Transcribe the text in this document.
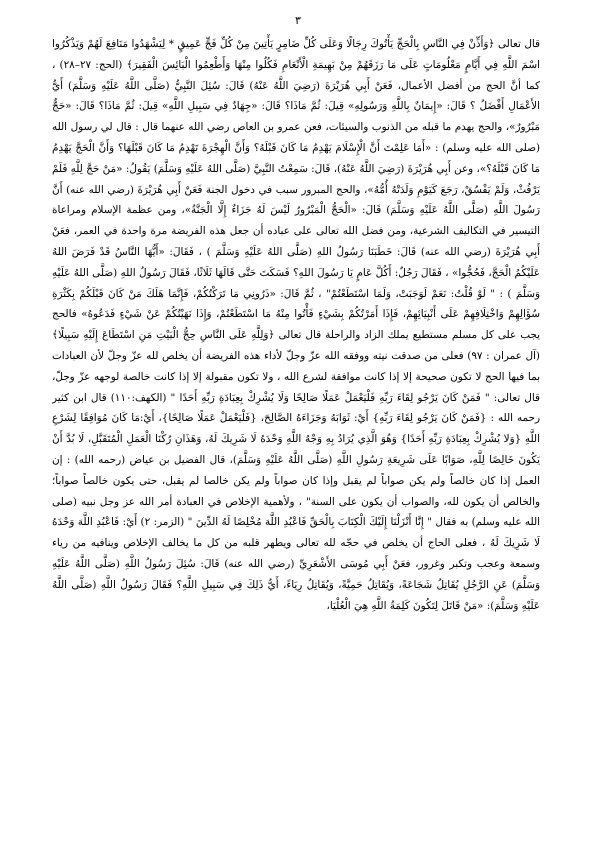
٣

قال تعالى ﴿وَأَذِّنْ فِي النَّاسِ بِالْحَجِّ يَأْتُوكَ رِجَالًا وَعَلَى كُلِّ ضَامِرٍ يَأْتِينَ مِنْ كُلِّ فَجٍّ عَمِيقٍ * لِيَشْهَدُوا مَنَافِعَ لَهُمْ وَيَذْكُرُوا اسْمَ اللَّهِ فِي أَيَّامٍ مَعْلُومَاتٍ عَلَى مَا رَزَقَهُمْ مِنْ بَهِيمَةِ الْأَنْعَامِ فَكُلُوا مِنْهَا وَأَطْعِمُوا الْبَائِسَ الْفَقِيرَ﴾ (الحج: ٢٧–٢٨) ، كما أنَّ الحج من أفضل الأعمال، فَعَنْ أَبِي هُرَيْرَةَ (رَضِيَ اللَّهُ عَنْهُ) قَالَ: سُئِلَ النَّبِيُّ (صَلَّى اللَّهُ عَلَيْهِ وَسَلَّمَ) أَيُّ الأَعْمَالِ أَفْضَلُ ؟ قَالَ: «إِيمَانٌ بِاللَّهِ وَرَسُولِهِ» قِيلَ: ثُمَّ مَاذَا؟ قَالَ: «جِهَادٌ فِي سَبِيلِ اللَّهِ» قِيلَ: ثُمَّ مَاذَا؟ قَالَ: «حَجٌّ مَبْرُورٌ»، والحج يهدم ما قبله من الذنوب والسيئات، فعن عمرو بن العاص رضي الله عنهما قال : قال لي رسول الله (صلى الله عليه وسلم) : «أَمَا عَلِمْتَ أَنَّ الْإِسْلَامَ يَهْدِمُ مَا كَانَ قَبْلَهُ؟ وَأَنَّ الْهِجْرَةَ تَهْدِمُ مَا كَانَ قَبْلَهَا؟ وَأَنَّ الْحَجَّ يَهْدِمُ مَا كَانَ قَبْلَهُ؟»، وعن أَبِي هُرَيْرَةَ (رَضِيَ اللَّهُ عَنْهُ)، قَالَ: سَمِعْتُ النَّبِيَّ (صَلَّى اللهُ عَلَيْهِ وَسَلَّمَ) يَقُولُ: «مَنْ حَجَّ لِلَّهِ فَلَمْ يَرْفُثْ، وَلَمْ يَفْسُقْ، رَجَعَ كَيَوْمِ وَلَدَتْهُ أُمُّهُ»، والحج المبرور سبب في دخول الجنة فَعَنْ أَبِي هُرَيْرَةَ (رضي الله عنه) أَنَّ رَسُولَ اللَّهِ (صَلَّى اللَّهُ عَلَيْهِ وَسَلَّمَ) قَالَ: «الْحَجُّ الْمَبْرُورُ لَيْسَ لَهُ جَزَاءٌ إِلَّا الْجَنَّةُ»، ومن عظمة الإسلام ومراعاة التيسير في التكاليف الشرعية، ومن فضل الله تعالى على عباده أن جعل هذه الفريضة مرة واحدة في العمر، فعَنْ أَبِي هُرَيْرَةَ (رضي الله عنه) قَالَ: خَطَبَنَا رَسُولُ اللهِ (صَلَّى اللهُ عَلَيْهِ وَسَلَّمَ ) ، فَقَالَ: «أَيُّهَا النَّاسُ قَدْ فَرَضَ اللهُ عَلَيْكُمُ الْحَجَّ، فَحُجُّوا» ، فَقَالَ رَجُلٌ: أَكُلَّ عَامٍ يَا رَسُولَ اللهِ؟ فَسَكَتَ حَتَّى قَالَهَا ثَلَاثًا، فَقَالَ رَسُولُ اللهِ (صَلَّى اللهُ عَلَيْهِ وَسَلَّمَ ) : " لَوْ قُلْتُ: نَعَمْ لَوَجَبَتْ، وَلَمَا اسْتَطَعْتُمْ" ، ثُمَّ قَالَ: «ذَرُونِي مَا تَرَكْتُكُمْ، فَإِنَّمَا هَلَكَ مَنْ كَانَ قَبْلَكُمْ بِكَثْرَةِ سُؤَالِهِمْ وَاخْتِلَافِهِمْ عَلَى أَنْبِيَائِهِمْ، فَإِذَا أَمَرْتُكُمْ بِشَيْءٍ فَأْتُوا مِنْهُ مَا اسْتَطَعْتُمْ، وَإِذَا نَهَيْتُكُمْ عَنْ شَيْءٍ فَدَعُوهُ» فالحج يجب على كل مسلم مستطيع يملك الزاد والراحلة قال تعالى ﴿وَلِلَّهِ عَلَى النَّاسِ حِجُّ الْبَيْتِ مَنِ اسْتَطَاعَ إِلَيْهِ سَبِيلًا﴾ (آل عمران : ٩٧) فعلى من صدقت نيته ووفقه الله عزّ وجلّ لأداء هذه الفريضة أن يخلص لله عزّ وجلّ لأن العبادات بما فيها الحج لا تكون صحيحة إلا إذا كانت موافقة لشرع الله ، ولا تكون مقبولة إلا إذا كانت خالصة لوجهه عزّ وجلّ، قال تعالى: " فَمَنْ كَانَ يَرْجُو لِقَاءَ رَبِّهِ فَلْيَعْمَلْ عَمَلًا صَالِحًا وَلَا يُشْرِكْ بِعِبَادَةِ رَبِّهِ أَحَدًا " (الكهف:١١٠) قال ابن كثير رحمه الله : {فَمَنْ كَانَ يَرْجُو لِقَاءَ رَبِّهِ} أَيْ: ثَوَابَهُ وَجَزَاءَهُ الصَّالِحَ، {فَلْيَعْمَلْ عَمَلًا صَالِحًا}، أَيْ:مَا كَانَ مُوَافِقًا لِشَرْعِ اللَّهِ {وَلا يُشْرِكْ بِعِبَادَةِ رَبِّهِ أَحَدًا} وَهُوَ الَّذِي يُرَادُ بِهِ وَجْهُ اللَّهِ وَحْدَهُ لَا شَرِيكَ لَهُ، وَهَذَانِ رُكْنَا الْعَمَلِ الْمُتَقَبَّلِ، لَا بُدَّ أَنْ يَكُونَ خَالِصًا لِلَّهِ، صَوَابًا عَلَى شَرِيعَةِ رَسُولِ اللَّهِ (صَلَّى اللَّهُ عَلَيْهِ وَسَلَّمَ)، قال الفضيل بن عياض (رحمه الله) : إن العمل إذا كان خالصاً ولم يكن صواباً لم يقبل وإذا كان صواباً ولم يكن خالصا لم يقبل، حتى يكون خالصاً صواباً؛ والخالص أن يكون لله، والصواب أن يكون على السنة" ، ولأهمية الإخلاص في العبادة أمر الله عز وجل نبيه (صلى الله عليه وسلم) به فقال " إِنَّا أَنْزَلْنَا إِلَيْكَ الْكِتَابَ بِالْحَقِّ فَاعْبُدِ اللَّهَ مُخْلِصًا لَهُ الدِّينَ " (الزمر: ٢) أَيْ: فَاعْبُدِ اللَّهَ وَحْدَهُ لَا شَرِيكَ لَهُ ، فعلى الحاج أن يخلص في حجّه لله تعالى ويطهر قلبه من كل ما يخالف الإخلاص وينافيه من رياء وسمعة وعجب وتكبر وغرور، فعَنْ أَبِي مُوسَى الأَشْعَرِيِّ (رضي الله عنه) قَالَ: سُئِلَ رَسُولُ اللَّهِ (صَلَّى اللَّهُ عَلَيْهِ وَسَلَّمَ) عَنِ الرَّجُلِ يُقَاتِلُ شَجَاعَةً، وَيُقَاتِلُ حَمِيَّةً، وَيُقَاتِلُ رِيَاءً، أَيُّ ذَلِكَ فِي سَبِيلِ اللَّهِ؟ فَقَالَ رَسُولُ اللَّهِ (صَلَّى اللَّهُ عَلَيْهِ وَسَلَّمَ): «مَنْ قَاتَلَ لِتَكُونَ كَلِمَةُ اللَّهِ هِيَ الْعُلْيَا،
